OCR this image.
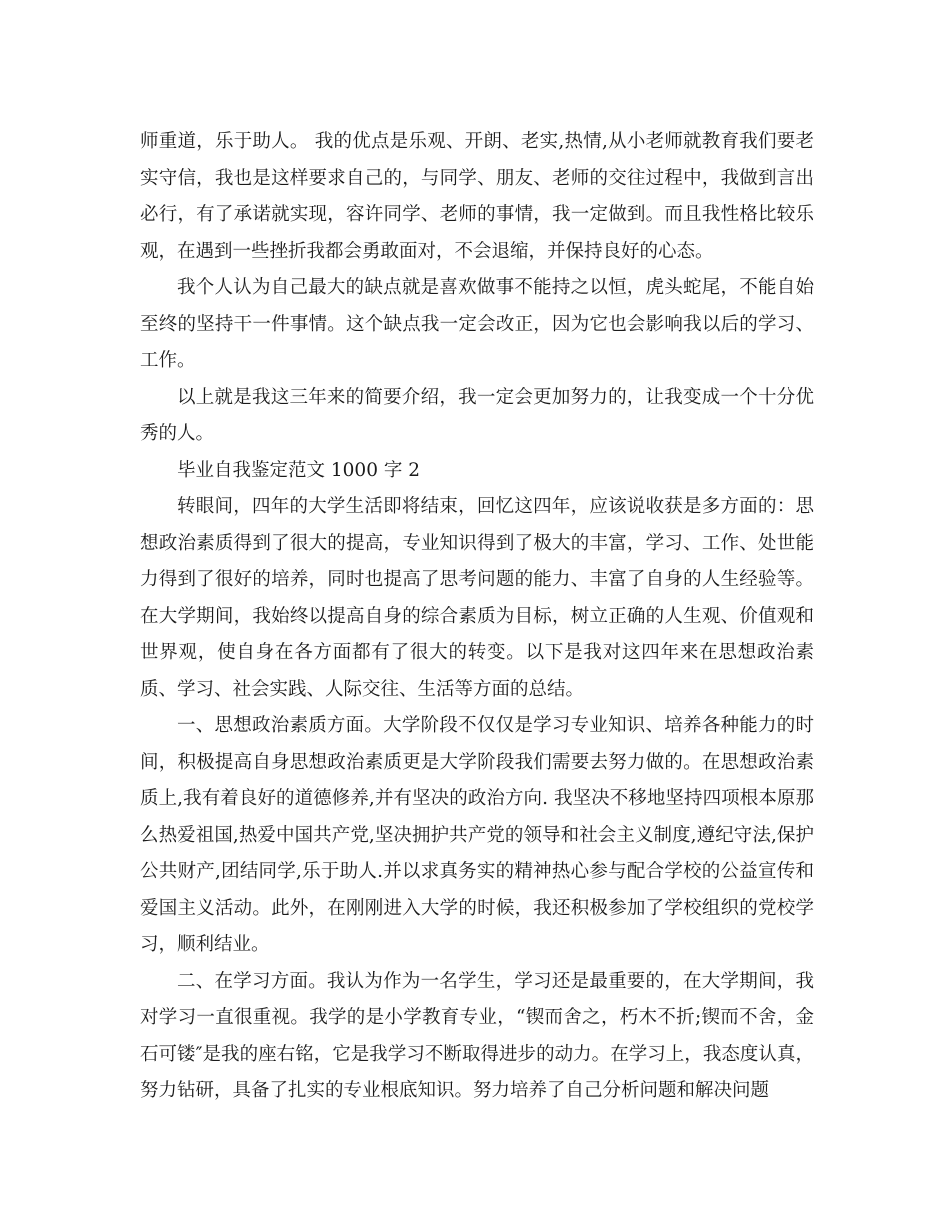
师重道，乐于助人。 我的优点是乐观、开朗、老实,热情,从小老师就教育我们要老实守信，我也是这样要求自己的，与同学、朋友、老师的交往过程中，我做到言出必行，有了承诺就实现，容许同学、老师的事情，我一定做到。而且我性格比较乐观，在遇到一些挫折我都会勇敢面对，不会退缩，并保持良好的心态。

我个人认为自己最大的缺点就是喜欢做事不能持之以恒，虎头蛇尾，不能自始至终的坚持干一件事情。这个缺点我一定会改正，因为它也会影响我以后的学习、工作。

以上就是我这三年来的简要介绍，我一定会更加努力的，让我变成一个十分优秀的人。

毕业自我鉴定范文 1000 字 2

转眼间，四年的大学生活即将结束，回忆这四年，应该说收获是多方面的：思想政治素质得到了很大的提高，专业知识得到了极大的丰富，学习、工作、处世能力得到了很好的培养，同时也提高了思考问题的能力、丰富了自身的人生经验等。在大学期间，我始终以提高自身的综合素质为目标，树立正确的人生观、价值观和世界观，使自身在各方面都有了很大的转变。以下是我对这四年来在思想政治素质、学习、社会实践、人际交往、生活等方面的总结。

一、思想政治素质方面。大学阶段不仅仅是学习专业知识、培养各种能力的时间，积极提高自身思想政治素质更是大学阶段我们需要去努力做的。在思想政治素质上,我有着良好的道德修养,并有坚决的政治方向. 我坚决不移地坚持四项根本原那么热爱祖国,热爱中国共产党,坚决拥护共产党的领导和社会主义制度,遵纪守法,保护公共财产,团结同学,乐于助人.并以求真务实的精神热心参与配合学校的公益宣传和爱国主义活动。此外，在刚刚进入大学的时候，我还积极参加了学校组织的党校学习，顺利结业。

二、在学习方面。我认为作为一名学生，学习还是最重要的，在大学期间，我对学习一直很重视。我学的是小学教育专业，“锲而舍之，朽木不折;锲而不舍，金石可镂″是我的座右铭，它是我学习不断取得进步的动力。在学习上，我态度认真，努力钻研，具备了扎实的专业根底知识。努力培养了自己分析问题和解决问题
